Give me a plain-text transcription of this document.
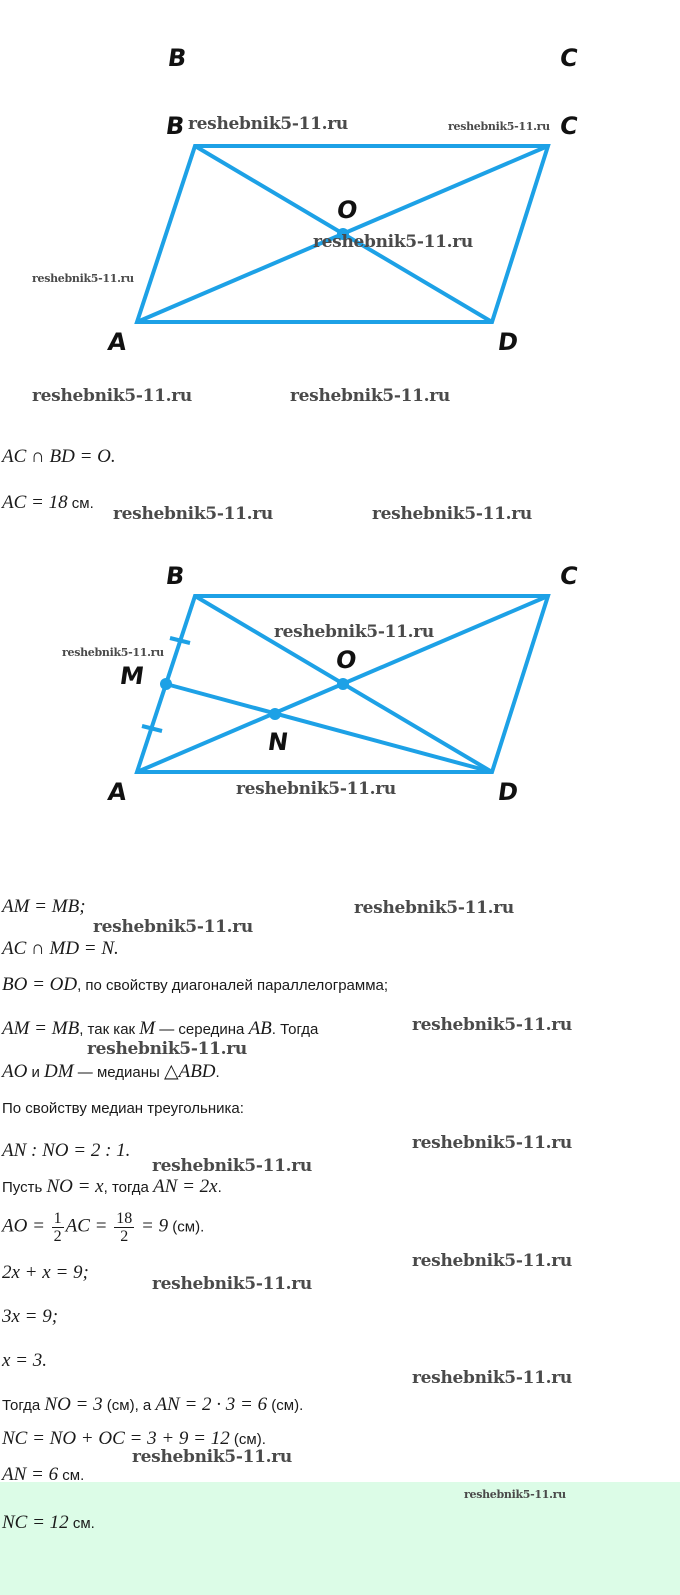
B	C
B	C
O
A	D
AC ∩ BD = O.
AC = 18 см.
B	C
M
O
N
A	D
AM = MB;
AC ∩ MD = N.
BO = OD, по свойству диагоналей параллелограмма;
AM = MB, так как M — середина AB. Тогда
AO и DM — медианы △ABD.
По свойству медиан треугольника:
AN : NO = 2 : 1.
Пусть NO = x, тогда AN = 2x.
AO = $\frac{1}{2}$ AC = $\frac{18}{2} = 9$ (см).
2x + x = 9;
3x = 9;
x = 3.
Тогда NO = 3 (см), а AN = 2 · 3 = 6 (см).
NC = NO + OC = 3 + 9 = 12 (см).
AN = 6 см.
NC = 12 см.
reshebnik5-11.ru	reshebnik5-11.ru
reshebnik5-11.ru
reshebnik5-11.ru
reshebnik5-11.ru	reshebnik5-11.ru
reshebnik5-11.ru	reshebnik5-11.ru
reshebnik5-11.ru
reshebnik5-11.ru
reshebnik5-11.ru
reshebnik5-11.ru
reshebnik5-11.ru
reshebnik5-11.ru
reshebnik5-11.ru
reshebnik5-11.ru
reshebnik5-11.ru
reshebnik5-11.ru
reshebnik5-11.ru
reshebnik5-11.ru
reshebnik5-11.ru
reshebnik5-11.ru
